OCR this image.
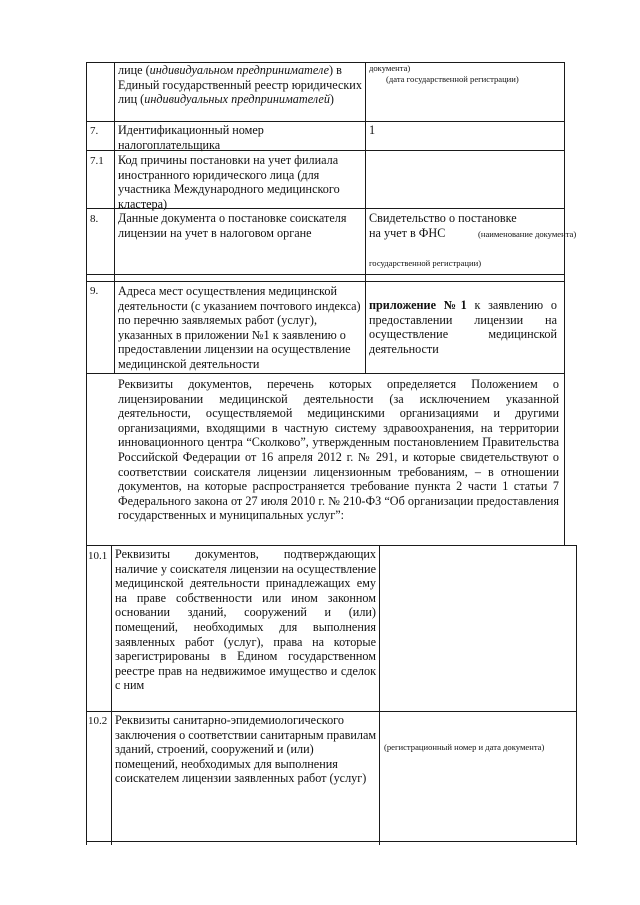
лице (индивидуальном предпринимателе) в Единый государственный реестр юридических лиц (индивидуальных предпринимателей)
документа)
(дата государственной регистрации)
7. Идентификационный номер налогоплательщика
1
7.1 Код причины постановки на учет филиала иностранного юридического лица (для участника Международного медицинского кластера)
8. Данные документа о постановке соискателя лицензии на учет в налоговом органе
Свидетельство о постановке на учет в ФНС	(наименование документа)
государственной регистрации)
9. Адреса мест осуществления медицинской деятельности (с указанием почтового индекса) по перечню заявляемых работ (услуг), указанных в приложении №1 к заявлению о предоставлении лицензии на осуществление медицинской деятельности
приложение №1 к заявлению о предоставлении лицензии на осуществление медицинской деятельности
Реквизиты документов, перечень которых определяется Положением о лицензировании медицинской деятельности (за исключением указанной деятельности, осуществляемой медицинскими организациями и другими организациями, входящими в частную систему здравоохранения, на территории инновационного центра “Сколково”, утвержденным постановлением Правительства Российской Федерации от 16 апреля 2012 г. № 291, и которые свидетельствуют о соответствии соискателя лицензии лицензионным требованиям, – в отношении документов, на которые распространяется требование пункта 2 части 1 статьи 7 Федерального закона от 27 июля 2010 г. № 210-ФЗ “Об организации предоставления государственных и муниципальных услуг”:
10.1 Реквизиты документов, подтверждающих наличие у соискателя лицензии на осуществление медицинской деятельности принадлежащих ему на праве собственности или ином законном основании зданий, сооружений и (или) помещений, необходимых для выполнения заявленных работ (услуг), права на которые зарегистрированы в Едином государственном реестре прав на недвижимое имущество и сделок с ним
10.2 Реквизиты санитарно-эпидемиологического заключения о соответствии санитарным правилам зданий, строений, сооружений и (или) помещений, необходимых для выполнения соискателем лицензии заявленных работ (услуг)
(регистрационный номер и дата документа)
